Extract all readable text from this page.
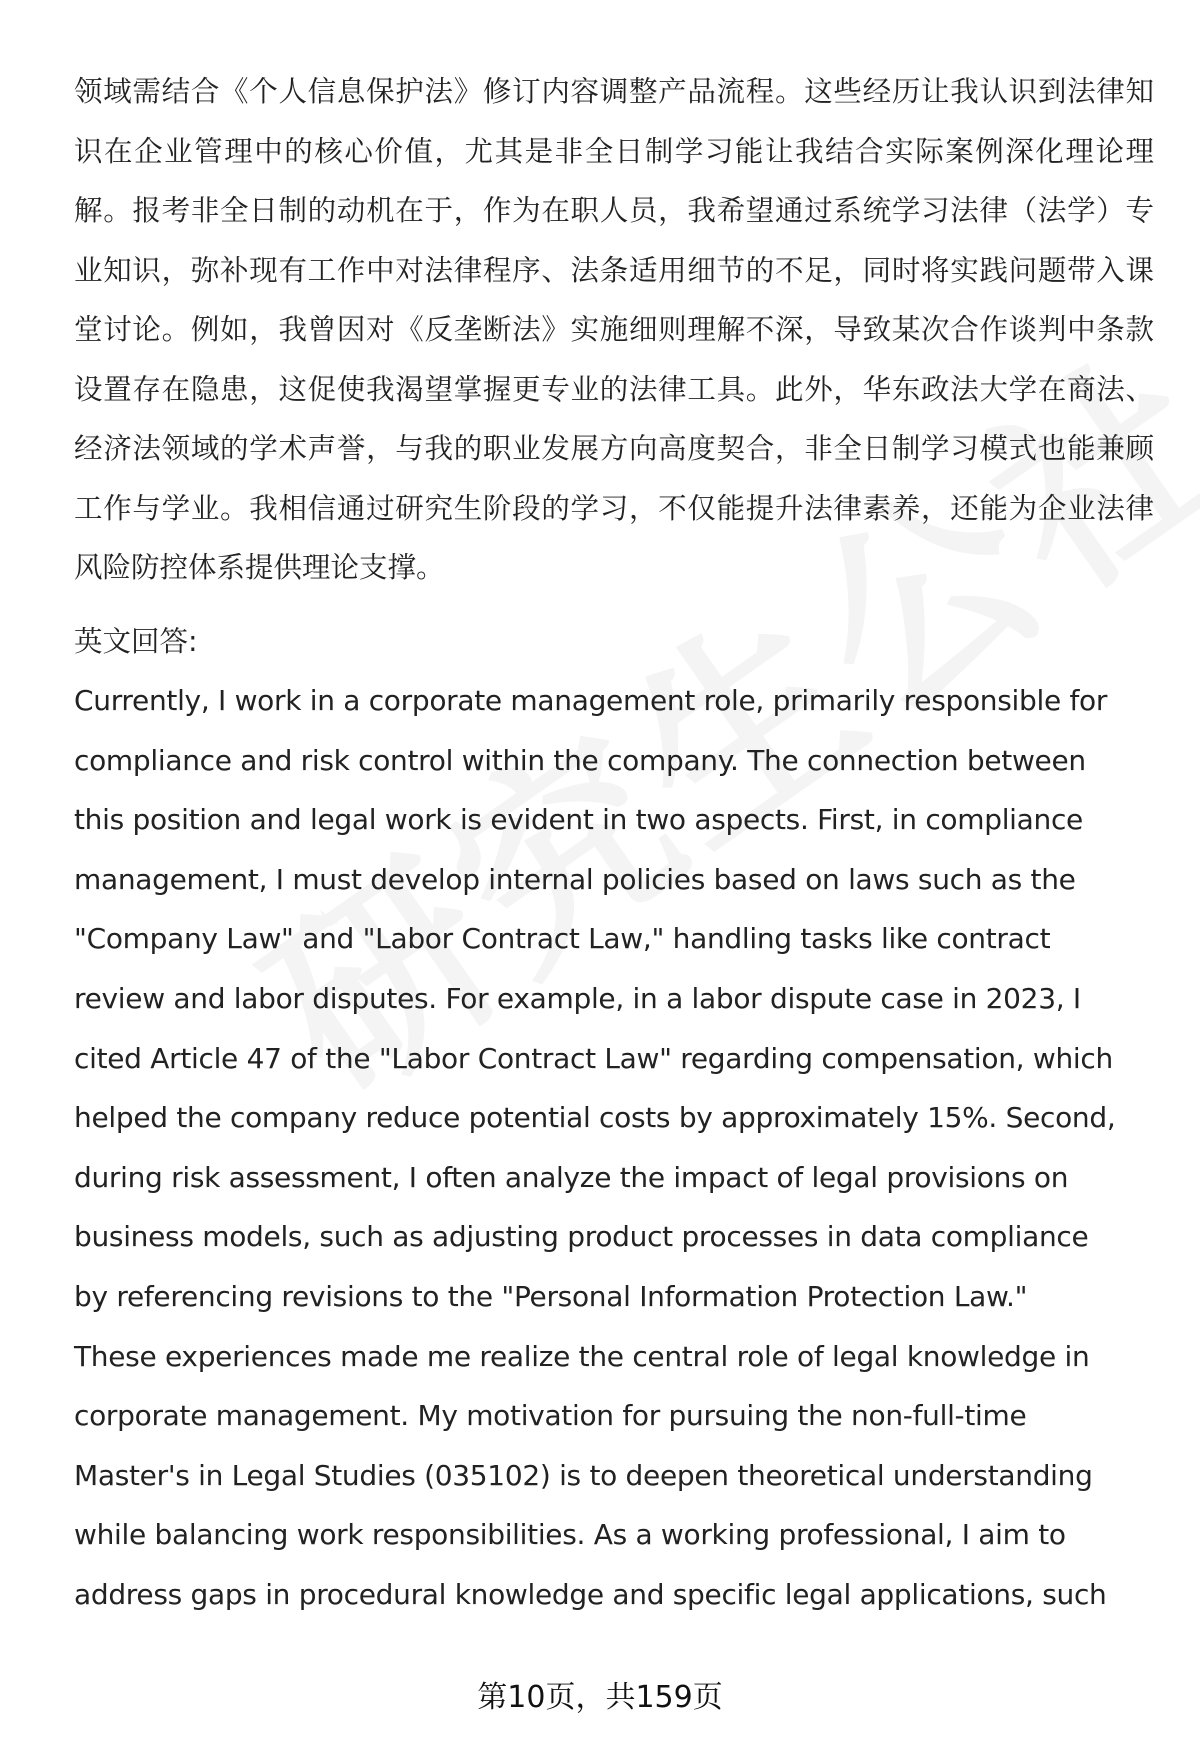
领域需结合《个人信息保护法》修订内容调整产品流程。这些经历让我认识到法律知识在企业管理中的核心价值，尤其是非全日制学习能让我结合实际案例深化理论理解。报考非全日制的动机在于，作为在职人员，我希望通过系统学习法律（法学）专业知识，弥补现有工作中对法律程序、法条适用细节的不足，同时将实践问题带入课堂讨论。例如，我曾因对《反垄断法》实施细则理解不深，导致某次合作谈判中条款设置存在隐患，这促使我渴望掌握更专业的法律工具。此外，华东政法大学在商法、经济法领域的学术声誉，与我的职业发展方向高度契合，非全日制学习模式也能兼顾工作与学业。我相信通过研究生阶段的学习，不仅能提升法律素养，还能为企业法律风险防控体系提供理论支撑。

英文回答:

Currently, I work in a corporate management role, primarily responsible for

compliance and risk control within the company. The connection between

this position and legal work is evident in two aspects. First, in compliance

management, I must develop internal policies based on laws such as the

"Company Law" and "Labor Contract Law," handling tasks like contract

review and labor disputes. For example, in a labor dispute case in 2023, I

cited Article 47 of the "Labor Contract Law" regarding compensation, which

helped the company reduce potential costs by approximately 15%. Second,

during risk assessment, I often analyze the impact of legal provisions on

business models, such as adjusting product processes in data compliance

by referencing revisions to the "Personal Information Protection Law."

These experiences made me realize the central role of legal knowledge in

corporate management. My motivation for pursuing the non-full-time

Master's in Legal Studies (035102) is to deepen theoretical understanding

while balancing work responsibilities. As a working professional, I aim to

address gaps in procedural knowledge and specific legal applications, such

第10页，共159页
